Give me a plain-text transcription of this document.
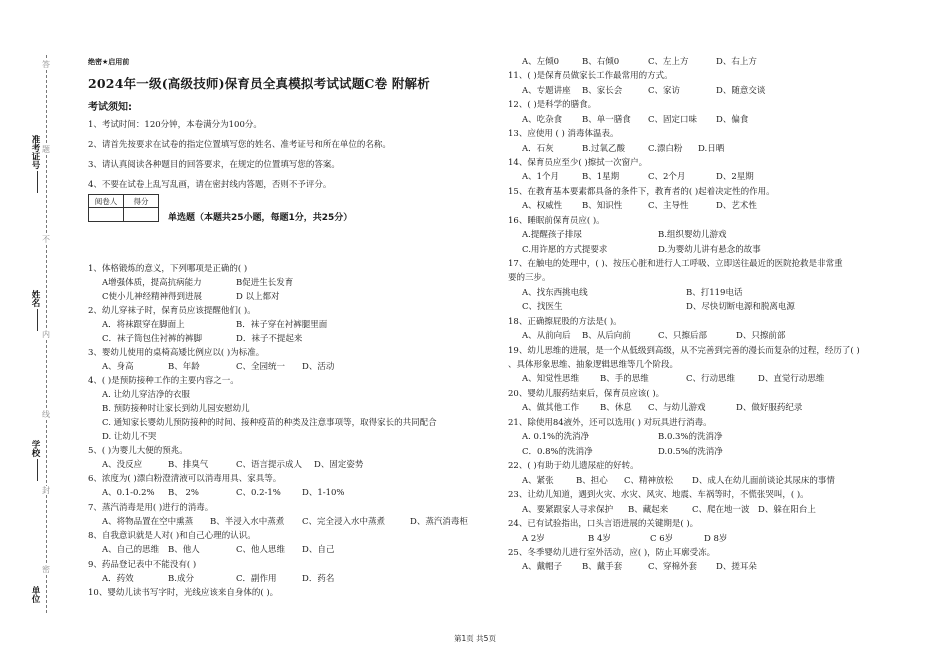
准考证号
姓名
学校
单位
答
题
不
内
线
封
密
绝密★启用前
2024年一级(高级技师)保育员全真模拟考试试题C卷 附解析
考试须知:
1、考试时间：120分钟，本卷满分为100分。
2、请首先按要求在试卷的指定位置填写您的姓名、准考证号和所在单位的名称。
3、请认真阅读各种题目的回答要求，在规定的位置填写您的答案。
4、不要在试卷上乱写乱画，请在密封线内答题，否则不予评分。
阅卷人	得分

单选题（本题共25小题，每题1分，共25分）
1、体格锻炼的意义，下列哪项是正确的( )
A增强体质，提高抗病能力	B促进生长发育
C使小儿神经精神得到进展	D 以上都对
2、幼儿穿袜子时，保育员应该提醒他们( )。
A．将袜跟穿在脚面上	B．袜子穿在衬裤腿里面
C．袜子筒包住衬裤的裤脚	D．袜子不提起来
3、婴幼儿使用的桌椅高矮比例应以( )为标准。
A、身高	B、年龄	C、全园统一 D、活动
4、( )是预防接种工作的主要内容之一。
A. 让幼儿穿洁净的衣服
B. 预防接种时让家长到幼儿园安慰幼儿
C. 通知家长婴幼儿预防接种的时间、接种疫苗的种类及注意事项等，取得家长的共同配合
D. 让幼儿不哭
5、( )为婴儿大便的预兆。
A、没反应	B、排臭气	C、语言提示成人 D、固定姿势
6、浓度为( )漂白粉澄清液可以消毒用具、家具等。
A、0.1-0.2% B、 2%	C、0.2-1% D、1-10%
7、蒸汽消毒是用( )进行的消毒。
A、将物品置在空中熏蒸 B、半浸入水中蒸煮 C、完全浸入水中蒸煮	D、蒸汽消毒柜
8、自我意识就是人对( )和自己心理的认识。
A、自己的思维 B、他人	C、他人思维 D、自己
9、药品登记表中不能没有( )
A．药效	B.成分	C．副作用	D．药名
10、婴幼儿读书写字时，光线应该来自身体的( )。
A、左倾0	B、右倾0	C、左上方	D、右上方
11、( )是保育员做家长工作最常用的方式。
A、专题讲座 B、家长会	C、家访	D、随意交谈
12、( )是科学的膳食。
A、吃杂食 B、单一膳食 C、固定口味 D、偏食
13、应使用 ( ) 消毒体温表。
A．石灰	B.过氧乙酸	C.漂白粉 D.日晒
14、保育员应至少( )擦拭一次窗户。
A、1个月	B、1星期	C、2个月	D、2星期
15、在教育基本要素都具备的条件下，教育者的( )起着决定性的作用。
A、权威性 B、知识性	C、主导性	D、艺术性
16、睡眠前保育员应( )。
A.提醒孩子排尿	B.组织婴幼儿游戏
C.用许愿的方式提要求	D.为婴幼儿讲有悬念的故事
17、在触电的处理中，( )、按压心脏和进行人工呼吸、立即送往最近的医院抢救是非常重
要的三步。
A、找东西挑电线	B、打119电话
C、找医生	D、尽快切断电源和脱离电源
18、正确擦屁股的方法是( )。
A、从前向后 B、从后向前	C、只擦后部	D、只擦前部
19、幼儿思维的进展，是一个从低级到高级，从不完善到完善的漫长而复杂的过程，经历了( )
、具体形象思维、抽象逻辑思维等几个阶段。
A、知觉性思维 B、手的思维	C、行动思维	D、直觉行动思维
20、婴幼儿服药结束后，保育员应该( )。
A、做其他工作 B、休息 C、与幼儿游戏	D、做好服药纪录
21、除使用84液外，还可以选用( ) 对玩具进行消毒。
A. 0.1%的洗消净	B.0.3%的洗消净
C．0.8%的洗消净	D.0.5%的洗消净
22、( )有助于幼儿遗尿症的好转。
A、紧张	B、担心 C、精神放松 D、成人在幼儿面前谈论其尿床的事情
23、让幼儿知道，遇到火灾、水灾、风灾、地震、车祸等时，不慌张哭叫，( )。
A、要紧跟家人寻求保护 B、藏起来	C、爬在地一波 D、躲在阳台上
24、已有试验指出，口头言语进展的关键期是( )。
A 2岁	B 4岁	C 6岁	D 8岁
25、冬季婴幼儿进行室外活动，应( )，防止耳廓受冻。
A、戴帽子 B、戴手套	C、穿棉外套 D、搓耳朵
第1页 共5页
